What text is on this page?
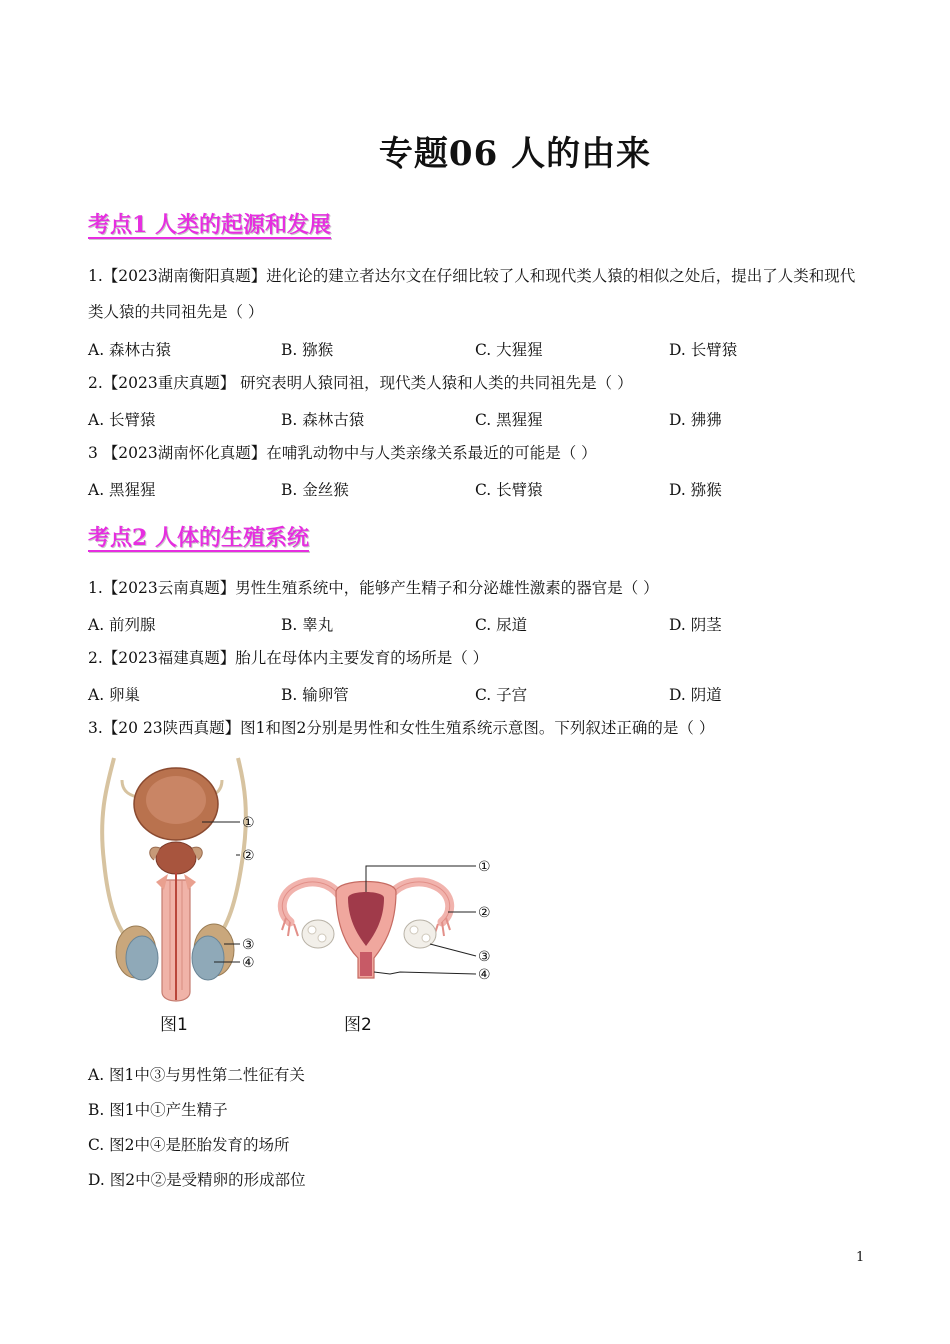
专题06 人的由来
考点1 人类的起源和发展
1.【2023湖南衡阳真题】进化论的建立者达尔文在仔细比较了人和现代类人猿的相似之处后，提出了人类和现代类人猿的共同祖先是（ ）
A. 森林古猿	B. 猕猴	C. 大猩猩	D. 长臂猿
2.【2023重庆真题】 研究表明人猿同祖，现代类人猿和人类的共同祖先是（ ）
A. 长臂猿	B. 森林古猿	C. 黑猩猩	D. 狒狒
3 【2023湖南怀化真题】在哺乳动物中与人类亲缘关系最近的可能是（ ）
A. 黑猩猩	B. 金丝猴	C. 长臂猿	D. 猕猴
考点2 人体的生殖系统
1.【2023云南真题】男性生殖系统中，能够产生精子和分泌雄性激素的器官是（ ）
A. 前列腺	B. 睾丸	C. 尿道	D. 阴茎
2.【2023福建真题】胎儿在母体内主要发育的场所是（ ）
A. 卵巢	B. 输卵管	C. 子宫	D. 阴道
3.【20 23陕西真题】图1和图2分别是男性和女性生殖系统示意图。下列叙述正确的是（ ）
①
②
③
④
①
②
③
④
图1	图2
A. 图1中③与男性第二性征有关
B. 图1中①产生精子
C. 图2中④是胚胎发育的场所
D. 图2中②是受精卵的形成部位
1
